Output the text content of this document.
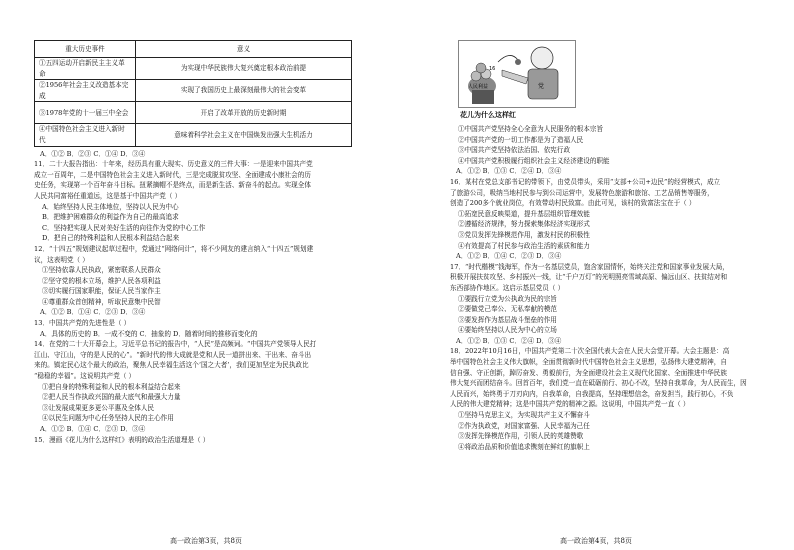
重大历史事件	意义
①五四运动开启新民主主义革命	为实现中华民族伟大复兴奠定根本政治前提
②1956年社会主义改造基本完成	实现了我国历史上最深刻最伟大的社会变革
③1978年党的十一届三中全会	开启了改革开放的历史新时期
④中国特色社会主义进入新时代	意味着科学社会主义在中国焕发出强大生机活力

A．①② B．②③ C．①④ D．③④

11．二十大报告指出：十年来，经历具有重大现实、历史意义的三件大事：一是迎来中国共产党

成立一百周年，二是中国特色社会主义进入新时代，三是完成脱贫攻坚、全面建成小康社会的历

史任务，实现第一个百年奋斗目标。扭紧摘帽不是终点，而是新生活、新奋斗的起点。实现全体

人民共同富裕任重道远，这是基于中国共产党（ ）

A．始终坚持人民主体地位，坚持以人民为中心

B．把维护困难群众的利益作为自己的最高追求

C．坚持把实现人民对美好生活的向往作为党的中心工作

D．把自己的特殊利益和人民根本利益结合起来

12．“十四五”规划建议起草过程中，党通过“网络问计”，将不少网友的建言纳入“十四五”规划建

议，这表明党（ ）

①坚持依靠人民执政，紧密联系人民群众

②坚守党的根本立场，维护人民各项利益

③切实履行国家职能，保证人民当家作主

④尊重群众首创精神，听取民意集中民智

A．①② B．①④ C．②③ D．③④

13．中国共产党的先进性是（ ）

A．具体的历史的 B．一成不变的 C．抽象的 D．随着时间的推移而变化的

14．在党的二十大开幕会上，习近平总书记的报告中，“人民”是高频词。“中国共产党领导人民打

江山、守江山，守的是人民的心”。“新时代的伟大成就是党和人民一道拼出来、干出来、奋斗出

来的。镇定民心这个最大的政治，聚焦人民幸福生活这个‘国之大者’，我们更加坚定为民执政比

“稳稳的幸福”。这说明共产党（ ）

①把自身的特殊利益和人民的根本利益结合起来

②把人民当作执政兴国的最大底气和最强大力量

③让发展成果更多更公平惠及全体人民

④以民生问题为中心任务坚持人民的主心作用

A．①② B．①④ C．②③ D．③④

15．漫画《花儿为什么这样红》表明的政治生活道理是（ ）

人民利益
16
党
花儿为什么这样红

①中国共产党坚持全心全意为人民服务的根本宗旨

②中国共产党的一切工作都是为了造福人民

③中国共产党坚持依法治国、依宪行政

④中国共产党积极履行组织社会主义经济建设的职能

A．①② B．①③ C．②④ D．③④

16．某村在党总支部书记的带领下，由党员带头，采用“支部+公司+边民”的经营模式，成立

了旅游公司，吸纳当地村民参与到公司运营中，发展特色旅游和旅馆、工艺品销售等服务，

创造了200多个就业岗位，有效带动村民致富。由此可见，该村的致富法宝在于（ ）

①拓宽民意反映渠道，提升基层组织管理效能

②遵循经济规律，努力探索集体经济实现形式

③党员发挥先锋模范作用，激发村民的积极性

④有效提高了村民参与政治生活的素质和能力

A．①② B．①④ C．②③ D．③④

17．“时代楷模”钱海军，作为一名基层党员，饱含家国情怀，始终关注党和国家事业发展大局，

积极开展扶贫攻坚、乡村振兴一线，让“千户万灯”的光明照亮雪域高原、偏远山区、扶贫结对和

东西部协作地区。这启示基层党员（ ）

①要践行立党为公执政为民的宗旨

②要做党己奉公、无私奉献的模范

③要发挥作为基层战斗堡垒的作用

④要始终坚持以人民为中心的立场

A．①② B．①③ C．②④ D．③④

18．2022年10月16日，中国共产党第二十次全国代表大会在人民大会堂开幕。大会主题是：高

举中国特色社会主义伟大旗帜，全面贯彻新时代中国特色社会主义思想，弘扬伟大建党精神，自

信自强、守正创新，踔厉奋发、勇毅前行，为全面建设社会主义现代化国家、全面推进中华民族

伟大复兴而团结奋斗。回首百年，我们党一直在砥砺前行、初心不改，坚持自我革命，为人民而生，因

人民而兴，始终勇于刀刃向内，自我革命，自我提高，坚持理想信念，奋发担当，践行初心，不负

人民的伟大建党精神；这是中国共产党的精神之源。这说明，中国共产党一直（ ）

①坚持马克思主义，为实现共产主义不懈奋斗

②作为执政党，对国家富强、人民幸福为己任

③发挥先锋模范作用，引领人民的英雄赞歌

④将政治品质和价值追求镌刻在鲜红的旗帜上

高一政治第3页，共8页	高一政治第4页，共8页
